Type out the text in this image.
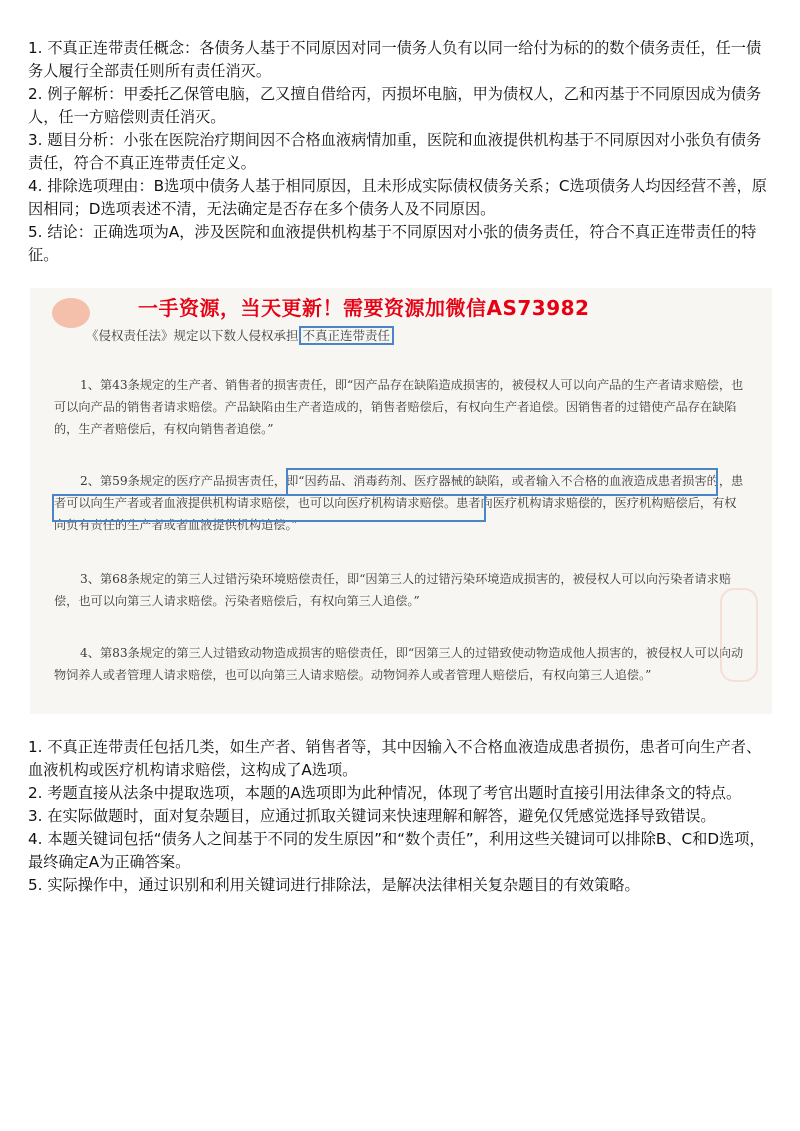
1. 不真正连带责任概念：各债务人基于不同原因对同一债务人负有以同一给付为标的的数个债务责任，任一债务人履行全部责任则所有责任消灭。

2. 例子解析：甲委托乙保管电脑，乙又擅自借给丙，丙损坏电脑，甲为债权人，乙和丙基于不同原因成为债务人，任一方赔偿则责任消灭。

3. 题目分析：小张在医院治疗期间因不合格血液病情加重，医院和血液提供机构基于不同原因对小张负有债务责任，符合不真正连带责任定义。

4. 排除选项理由：B选项中债务人基于相同原因，且未形成实际债权债务关系；C选项债务人均因经营不善，原因相同；D选项表述不清，无法确定是否存在多个债务人及不同原因。

5. 结论：正确选项为A，涉及医院和血液提供机构基于不同原因对小张的债务责任，符合不真正连带责任的特征。

一手资源，当天更新！需要资源加微信AS73982
《侵权责任法》规定以下数人侵权承担 不真正连带责任
1、第43条规定的生产者、销售者的损害责任，即“因产品存在缺陷造成损害的，被侵权人可以向产品的生产者请求赔偿，也可以向产品的销售者请求赔偿。产品缺陷由生产者造成的，销售者赔偿后，有权向生产者追偿。因销售者的过错使产品存在缺陷的，生产者赔偿后，有权向销售者追偿。”
2、第59条规定的医疗产品损害责任，即“因药品、消毒药剂、医疗器械的缺陷，或者输入不合格的血液造成患者损害的，患者可以向生产者或者血液提供机构请求赔偿，也可以向医疗机构请求赔偿。患者向医疗机构请求赔偿的，医疗机构赔偿后，有权向负有责任的生产者或者血液提供机构追偿。”
3、第68条规定的第三人过错污染环境赔偿责任，即“因第三人的过错污染环境造成损害的，被侵权人可以向污染者请求赔偿，也可以向第三人请求赔偿。污染者赔偿后，有权向第三人追偿。”
4、第83条规定的第三人过错致动物造成损害的赔偿责任，即“因第三人的过错致使动物造成他人损害的，被侵权人可以向动物饲养人或者管理人请求赔偿，也可以向第三人请求赔偿。动物饲养人或者管理人赔偿后，有权向第三人追偿。”

1. 不真正连带责任包括几类，如生产者、销售者等，其中因输入不合格血液造成患者损伤，患者可向生产者、血液机构或医疗机构请求赔偿，这构成了A选项。

2. 考题直接从法条中提取选项，本题的A选项即为此种情况，体现了考官出题时直接引用法律条文的特点。

3. 在实际做题时，面对复杂题目，应通过抓取关键词来快速理解和解答，避免仅凭感觉选择导致错误。

4. 本题关键词包括“债务人之间基于不同的发生原因”和“数个责任”，利用这些关键词可以排除B、C和D选项，最终确定A为正确答案。

5. 实际操作中，通过识别和利用关键词进行排除法，是解决法律相关复杂题目的有效策略。
